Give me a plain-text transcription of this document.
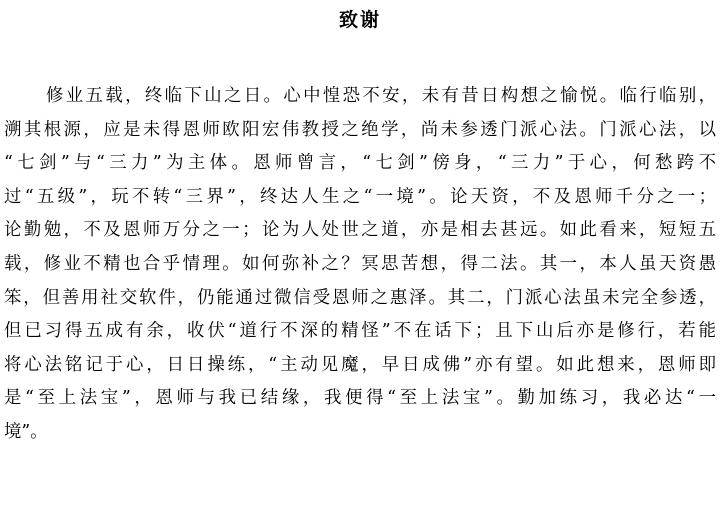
致谢
修业五载，终临下山之日。心中惶恐不安，未有昔日构想之愉悦。临行临别，
溯其根源，应是未得恩师欧阳宏伟教授之绝学，尚未参透门派心法。门派心法，以
“七剑”与“三力”为主体。恩师曾言，“七剑”傍身，“三力”于心，何愁跨不
过“五级”，玩不转“三界”，终达人生之“一境”。论天资，不及恩师千分之一；
论勤勉，不及恩师万分之一；论为人处世之道，亦是相去甚远。如此看来，短短五
载，修业不精也合乎情理。如何弥补之？冥思苦想，得二法。其一，本人虽天资愚
笨，但善用社交软件，仍能通过微信受恩师之惠泽。其二，门派心法虽未完全参透，
但已习得五成有余，收伏“道行不深的精怪”不在话下；且下山后亦是修行，若能
将心法铭记于心，日日操练，“主动见魔，早日成佛”亦有望。如此想来，恩师即
是“至上法宝”，恩师与我已结缘，我便得“至上法宝”。勤加练习，我必达“一
境”。
